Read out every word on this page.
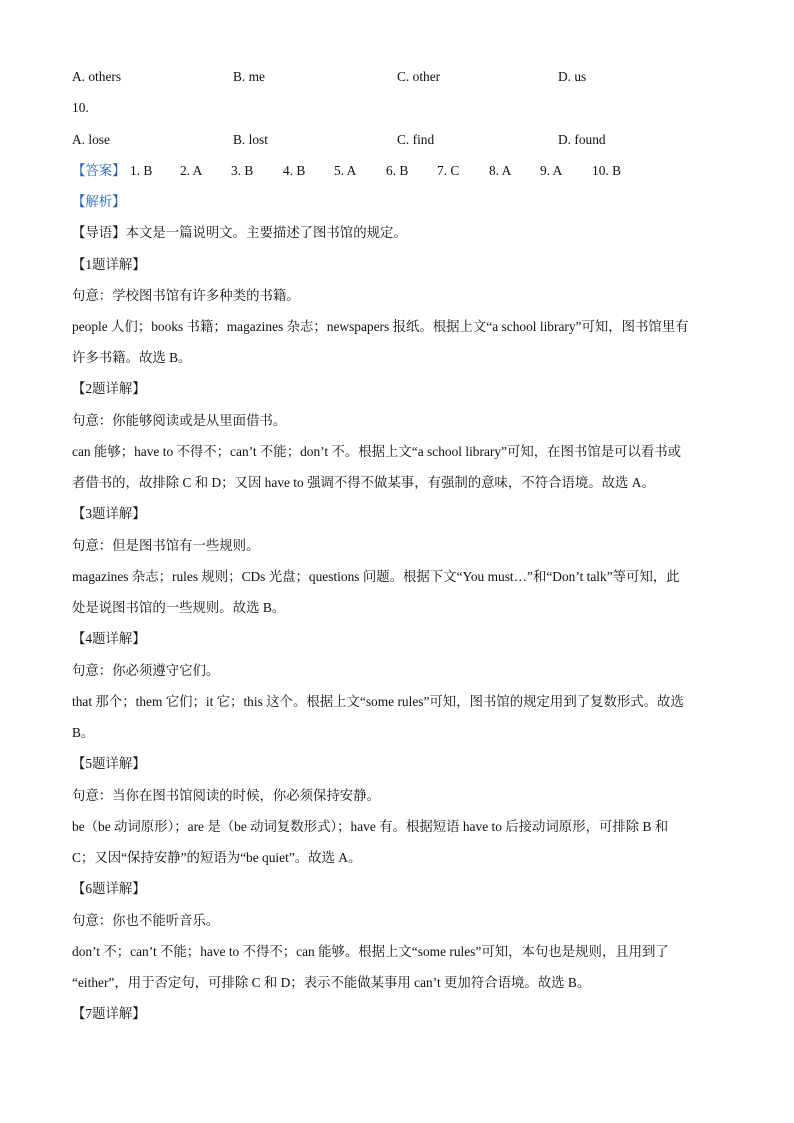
A. others	B. me	C. other	D. us
10.
A. lose	B. lost	C. find	D. found
【答案】 1. B 2. A 3. B 4. B 5. A 6. B 7. C 8. A 9. A 10. B
【解析】
【导语】本文是一篇说明文。主要描述了图书馆的规定。
【1题详解】
句意：学校图书馆有许多种类的书籍。
people 人们；books 书籍；magazines 杂志；newspapers 报纸。根据上文“a school library”可知，图书馆里有
许多书籍。故选 B。
【2题详解】
句意：你能够阅读或是从里面借书。
can 能够；have to 不得不；can’t 不能；don’t 不。根据上文“a school library”可知，在图书馆是可以看书或
者借书的，故排除 C 和 D；又因 have to 强调不得不做某事，有强制的意味，不符合语境。故选 A。
【3题详解】
句意：但是图书馆有一些规则。
magazines 杂志；rules 规则；CDs 光盘；questions 问题。根据下文“You must…”和“Don’t talk”等可知，此
处是说图书馆的一些规则。故选 B。
【4题详解】
句意：你必须遵守它们。
that 那个；them 它们；it 它；this 这个。根据上文“some rules”可知，图书馆的规定用到了复数形式。故选
B。
【5题详解】
句意：当你在图书馆阅读的时候，你必须保持安静。
be（be 动词原形）；are 是（be 动词复数形式）；have 有。根据短语 have to 后接动词原形，可排除 B 和
C；又因“保持安静”的短语为“be quiet”。故选 A。
【6题详解】
句意：你也不能听音乐。
don’t 不；can’t 不能；have to 不得不；can 能够。根据上文“some rules”可知，本句也是规则，且用到了
“either”，用于否定句，可排除 C 和 D；表示不能做某事用 can’t 更加符合语境。故选 B。
【7题详解】
